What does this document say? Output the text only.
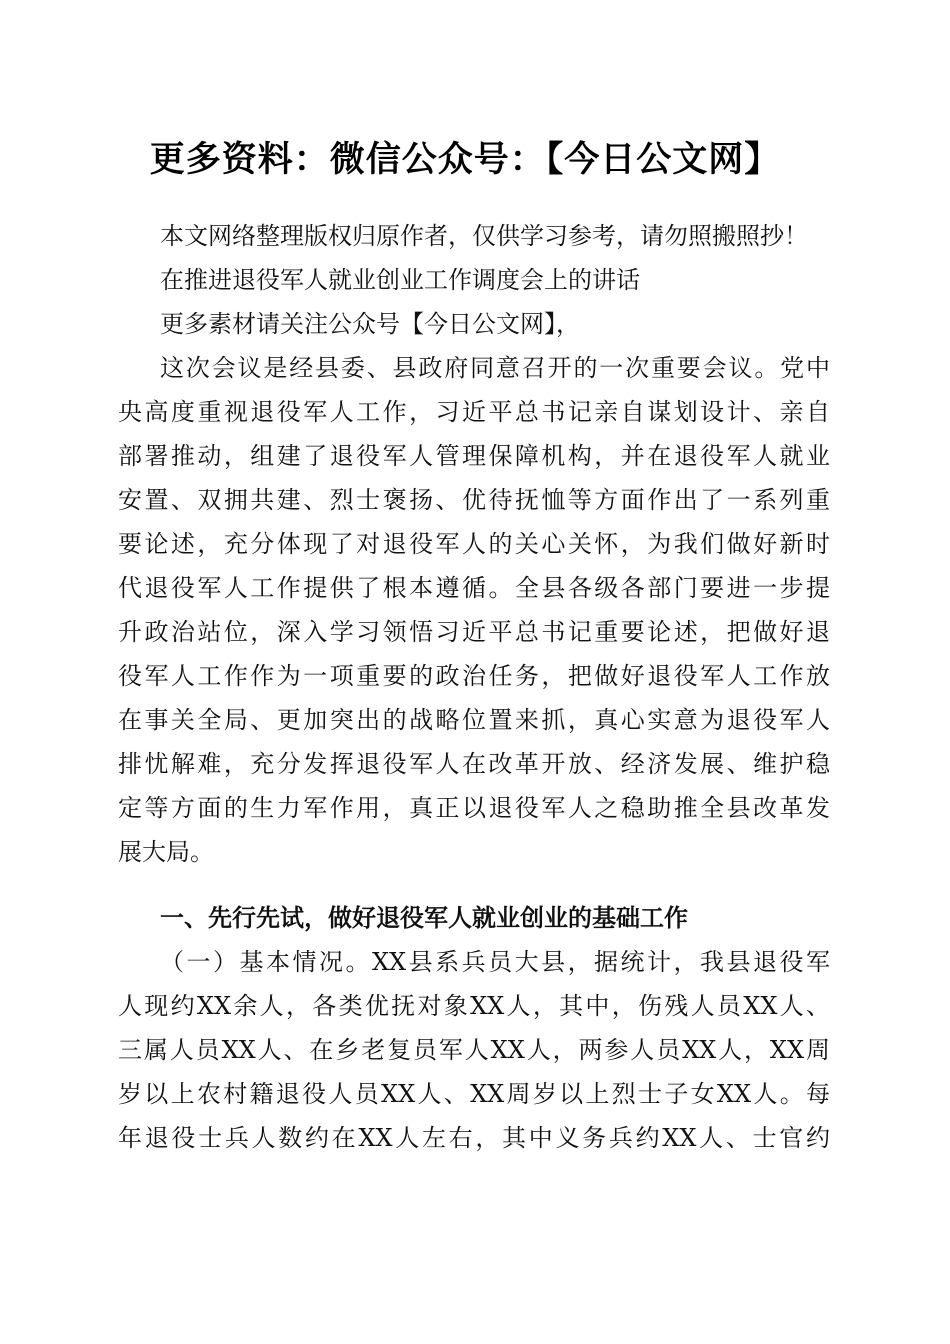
更多资料：微信公众号：【今日公文网】
本文网络整理版权归原作者，仅供学习参考，请勿照搬照抄！
在推进退役军人就业创业工作调度会上的讲话
更多素材请关注公众号【今日公文网】，
这次会议是经县委、县政府同意召开的一次重要会议。党中
央高度重视退役军人工作，习近平总书记亲自谋划设计、亲自
部署推动，组建了退役军人管理保障机构，并在退役军人就业
安置、双拥共建、烈士褒扬、优待抚恤等方面作出了一系列重
要论述，充分体现了对退役军人的关心关怀，为我们做好新时
代退役军人工作提供了根本遵循。全县各级各部门要进一步提
升政治站位，深入学习领悟习近平总书记重要论述，把做好退
役军人工作作为一项重要的政治任务，把做好退役军人工作放
在事关全局、更加突出的战略位置来抓，真心实意为退役军人
排忧解难，充分发挥退役军人在改革开放、经济发展、维护稳
定等方面的生力军作用，真正以退役军人之稳助推全县改革发
展大局。
一、先行先试，做好退役军人就业创业的基础工作
（一）基本情况。XX县系兵员大县，据统计，我县退役军
人现约XX余人，各类优抚对象XX人，其中，伤残人员XX人、
三属人员XX人、在乡老复员军人XX人，两参人员XX人，XX周
岁以上农村籍退役人员XX人、XX周岁以上烈士子女XX人。每
年退役士兵人数约在XX人左右，其中义务兵约XX人、士官约
